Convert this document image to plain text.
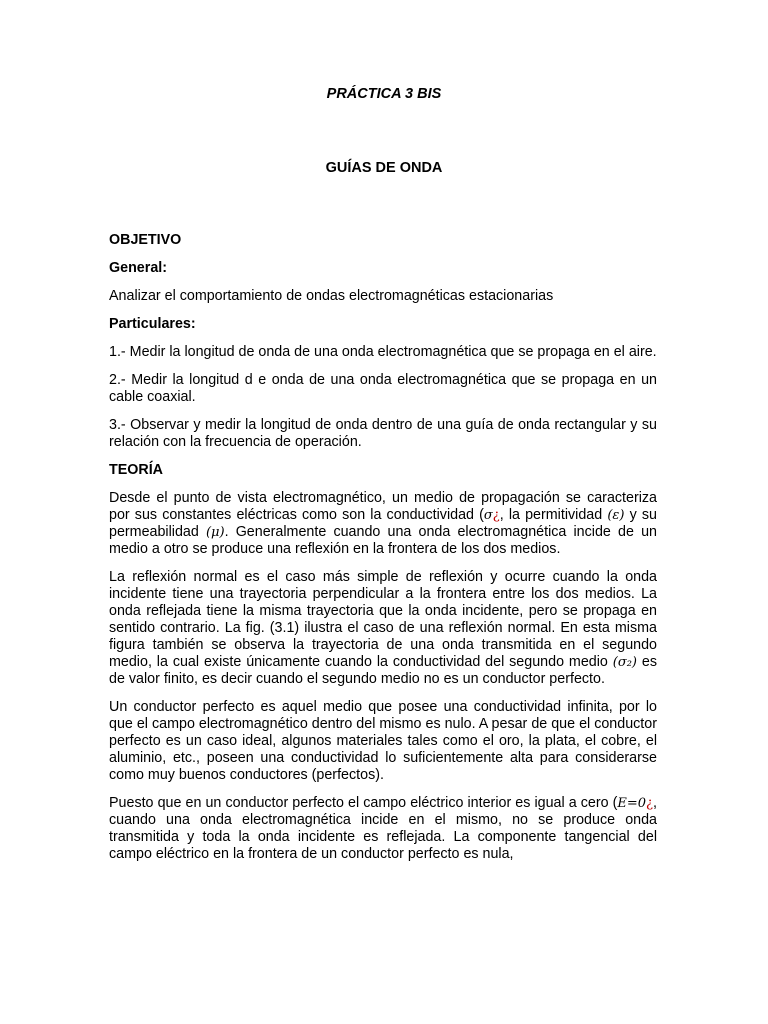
PRÁCTICA 3 BIS
GUÍAS DE ONDA
OBJETIVO
General:
Analizar el comportamiento de ondas electromagnéticas estacionarias
Particulares:
1.- Medir la longitud de onda de una onda electromagnética que se propaga en el aire.
2.- Medir la longitud d e onda de una onda electromagnética que se propaga en un cable coaxial.
3.- Observar y medir la longitud de onda dentro de una guía de onda rectangular y su relación con la frecuencia de operación.
TEORÍA
Desde el punto de vista electromagnético, un medio de propagación se caracteriza por sus constantes eléctricas como son la conductividad (σ¿, la permitividad (ε) y su permeabilidad (μ). Generalmente cuando una onda electromagnética incide de un medio a otro se produce una reflexión en la frontera de los dos medios.
La reflexión normal es el caso más simple de reflexión y ocurre cuando la onda incidente tiene una trayectoria perpendicular a la frontera entre los dos medios. La onda reflejada tiene la misma trayectoria que la onda incidente, pero se propaga en sentido contrario. La fig. (3.1) ilustra el caso de una reflexión normal. En esta misma figura también se observa la trayectoria de una onda transmitida en el segundo medio, la cual existe únicamente cuando la conductividad del segundo medio (σ₂) es de valor finito, es decir cuando el segundo medio no es un conductor perfecto.
Un conductor perfecto es aquel medio que posee una conductividad infinita, por lo que el campo electromagnético dentro del mismo es nulo. A pesar de que el conductor perfecto es un caso ideal, algunos materiales tales como el oro, la plata, el cobre, el aluminio, etc., poseen una conductividad lo suficientemente alta para considerarse como muy buenos conductores (perfectos).
Puesto que en un conductor perfecto el campo eléctrico interior es igual a cero (E=0¿, cuando una onda electromagnética incide en el mismo, no se produce onda transmitida y toda la onda incidente es reflejada. La componente tangencial del campo eléctrico en la frontera de un conductor perfecto es nula,
